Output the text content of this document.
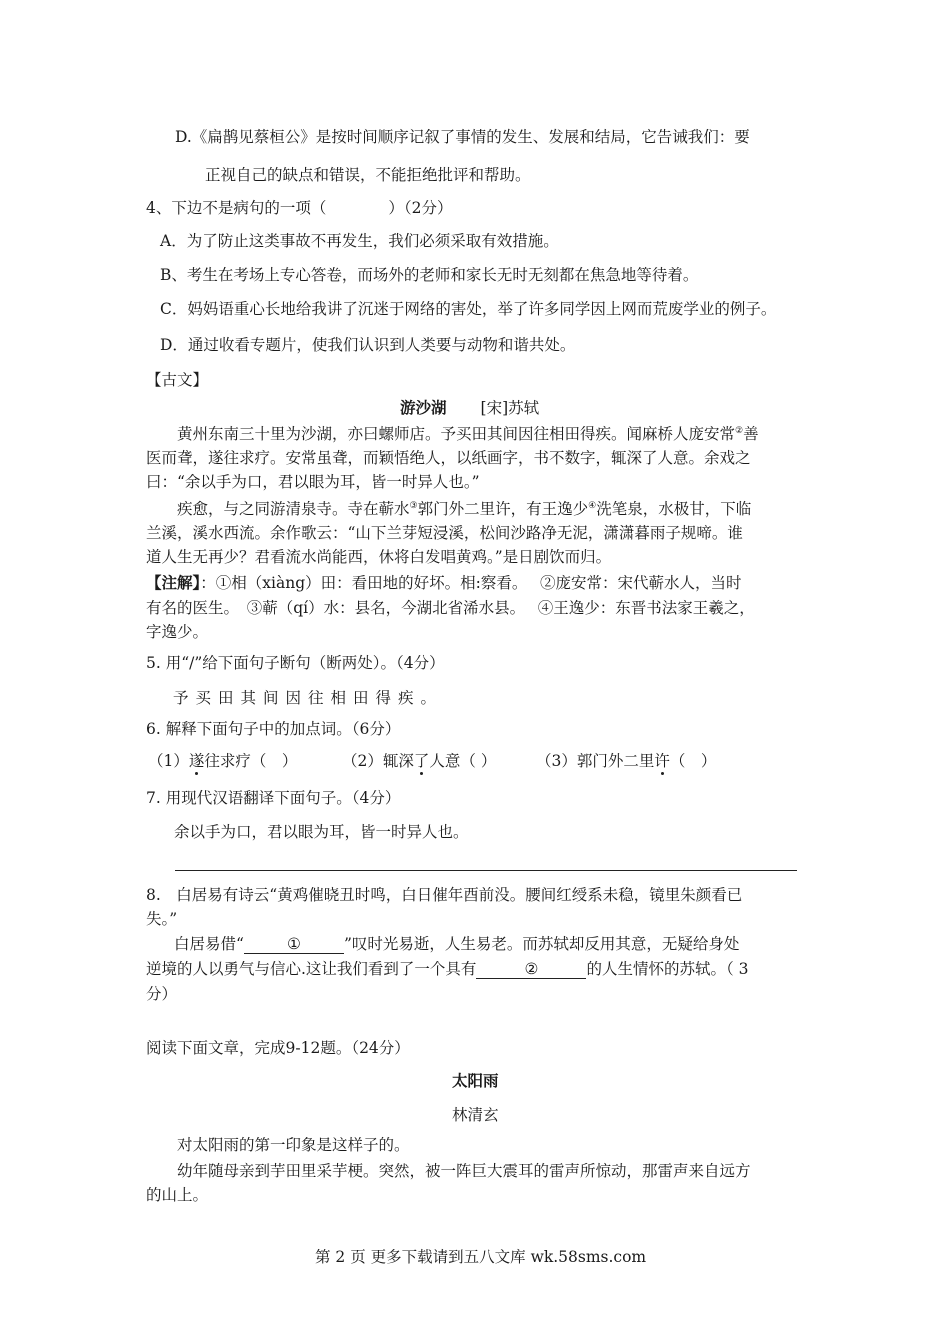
D.《扁鹊见蔡桓公》是按时间顺序记叙了事情的发生、发展和结局，它告诫我们：要
正视自己的缺点和错误，不能拒绝批评和帮助。
4、下边不是病句的一项（　　　　）（2分）
A．为了防止这类事故不再发生，我们必须采取有效措施。
B、考生在考场上专心答卷，而场外的老师和家长无时无刻都在焦急地等待着。
C．妈妈语重心长地给我讲了沉迷于网络的害处，举了许多同学因上网而荒废学业的例子。
D．通过收看专题片，使我们认识到人类要与动物和谐共处。
【古文】
游沙湖 [宋]苏轼
黄州东南三十里为沙湖，亦曰螺师店。予买田其间因往相田得疾。闻麻桥人庞安常②善
医而聋，遂往求疗。安常虽聋，而颖悟绝人，以纸画字，书不数字，辄深了人意。余戏之
曰：“余以手为口，君以眼为耳，皆一时异人也。”
疾愈，与之同游清泉寺。寺在蕲水③郭门外二里许，有王逸少④洗笔泉，水极甘，下临
兰溪，溪水西流。余作歌云：“山下兰芽短浸溪，松间沙路净无泥，潇潇暮雨子规啼。谁
道人生无再少？君看流水尚能西，休将白发唱黄鸡。”是日剧饮而归。
【注解】：①相（xiàng）田：看田地的好坏。相:察看。　 ②庞安常：宋代蕲水人，当时
有名的医生。　③蕲（qí）水：县名，今湖北省浠水县。　 ④王逸少：东晋书法家王羲之，
字逸少。
5. 用“/”给下面句子断句（断两处）。（4分）
予买田其间因往相田得疾。
6. 解释下面句子中的加点词。（6分）
（1）遂往求疗（　）	（2）辄深了人意（ ）	（3）郭门外二里许（　）
7. 用现代汉语翻译下面句子。（4分）
余以手为口，君以眼为耳，皆一时异人也。
8.　白居易有诗云“黄鸡催晓丑时鸣，白日催年酉前没。腰间红绶系未稳，镜里朱颜看已
失。”
白居易借“	①	”叹时光易逝，人生易老。而苏轼却反用其意，无疑给身处
逆境的人以勇气与信心.这让我们看到了一个具有	②	的人生情怀的苏轼。（ 3
分）
阅读下面文章，完成9-12题。（24分）
太阳雨
林清玄
对太阳雨的第一印象是这样子的。
幼年随母亲到芋田里采芋梗。突然，被一阵巨大震耳的雷声所惊动，那雷声来自远方
的山上。
第 2 页 更多下载请到五八文库 wk.58sms.com
